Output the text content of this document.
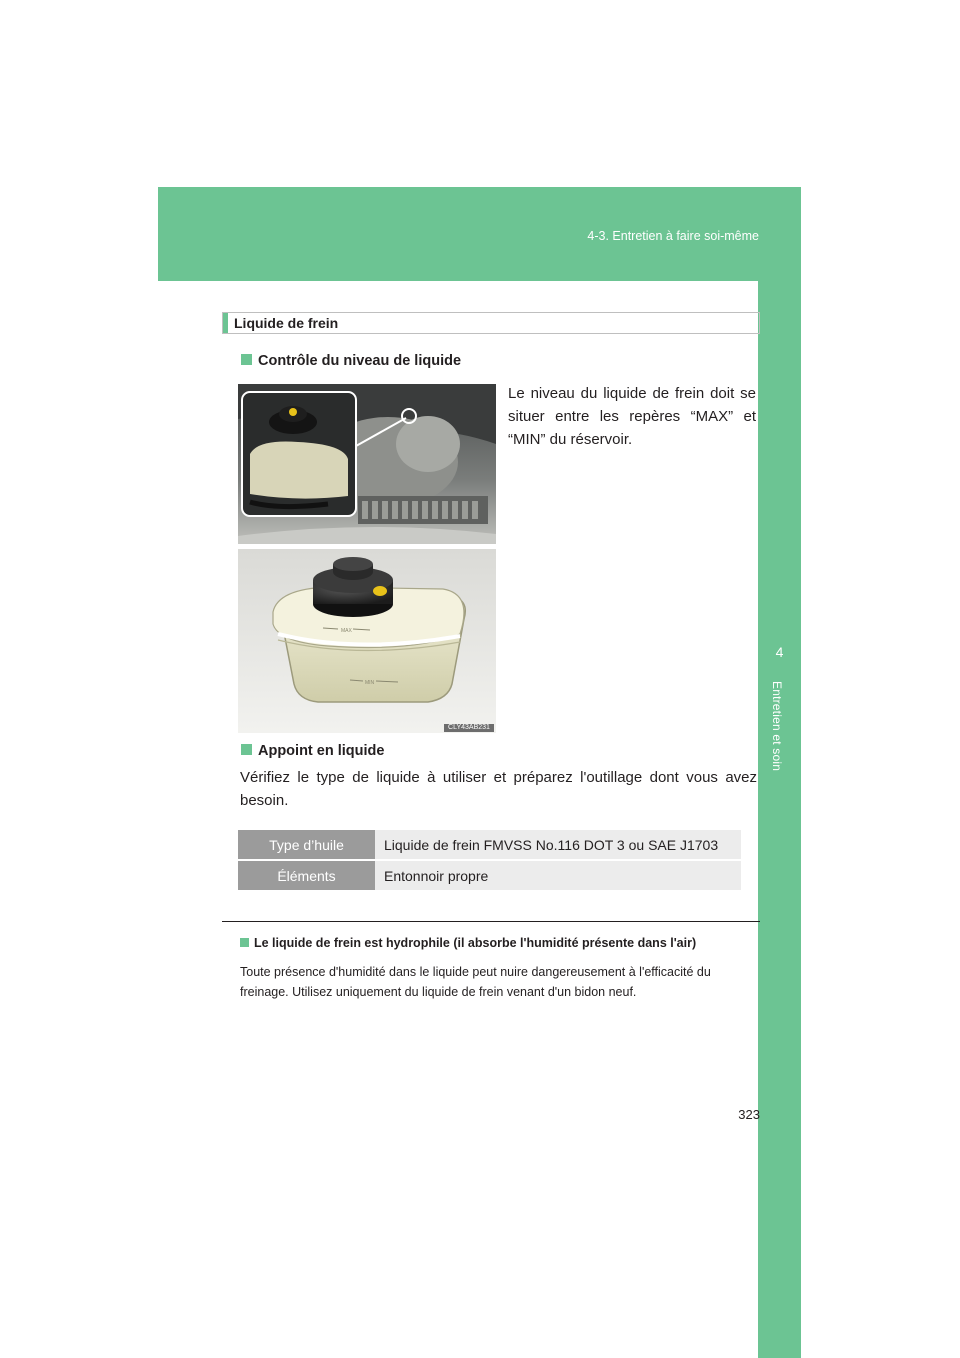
4-3. Entretien à faire soi-même
4
Entretien et soin
Liquide de frein
Contrôle du niveau de liquide
Le niveau du liquide de frein doit se situer entre les repères “MAX” et “MIN” du réservoir.
MAX
MIN
CLY43AB231
Appoint en liquide
Vérifiez le type de liquide à utiliser et préparez l'outillage dont vous avez besoin.
Type d’huile	Liquide de frein FMVSS No.116 DOT 3 ou SAE J1703
Éléments	Entonnoir propre
Le liquide de frein est hydrophile (il absorbe l'humidité présente dans l'air)
Toute présence d'humidité dans le liquide peut nuire dangereusement à l'efficacité du freinage. Utilisez uniquement du liquide de frein venant d'un bidon neuf.
323
